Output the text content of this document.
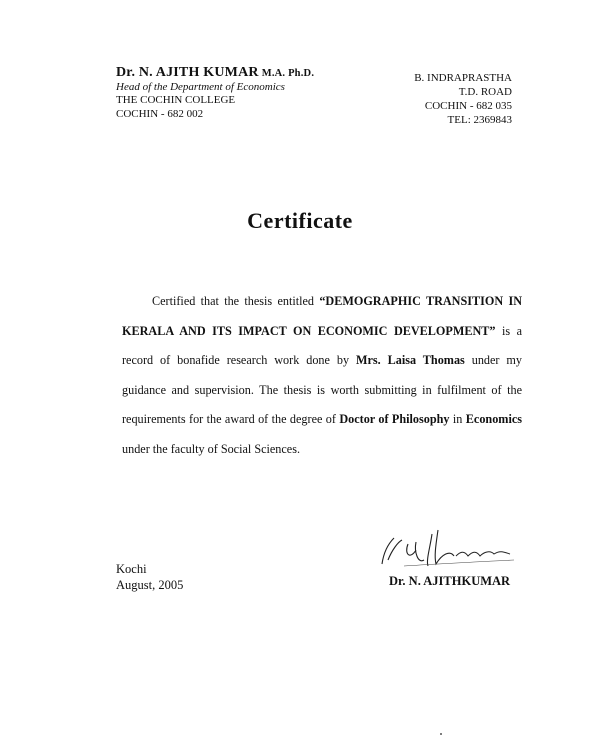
Dr. N. AJITH KUMAR M.A. Ph.D.
Head of the Department of Economics
THE COCHIN COLLEGE
COCHIN - 682 002
B. INDRAPRASTHA
T.D. ROAD
COCHIN - 682 035
TEL: 2369843
Certificate

Certified that the thesis entitled “DEMOGRAPHIC TRANSITION IN KERALA AND ITS IMPACT ON ECONOMIC DEVELOPMENT” is a record of bonafide research work done by Mrs. Laisa Thomas under my guidance and supervision. The thesis is worth submitting in fulfilment of the requirements for the award of the degree of Doctor of Philosophy in Economics under the faculty of Social Sciences.

Kochi
August, 2005	Dr. N. AJITHKUMAR
